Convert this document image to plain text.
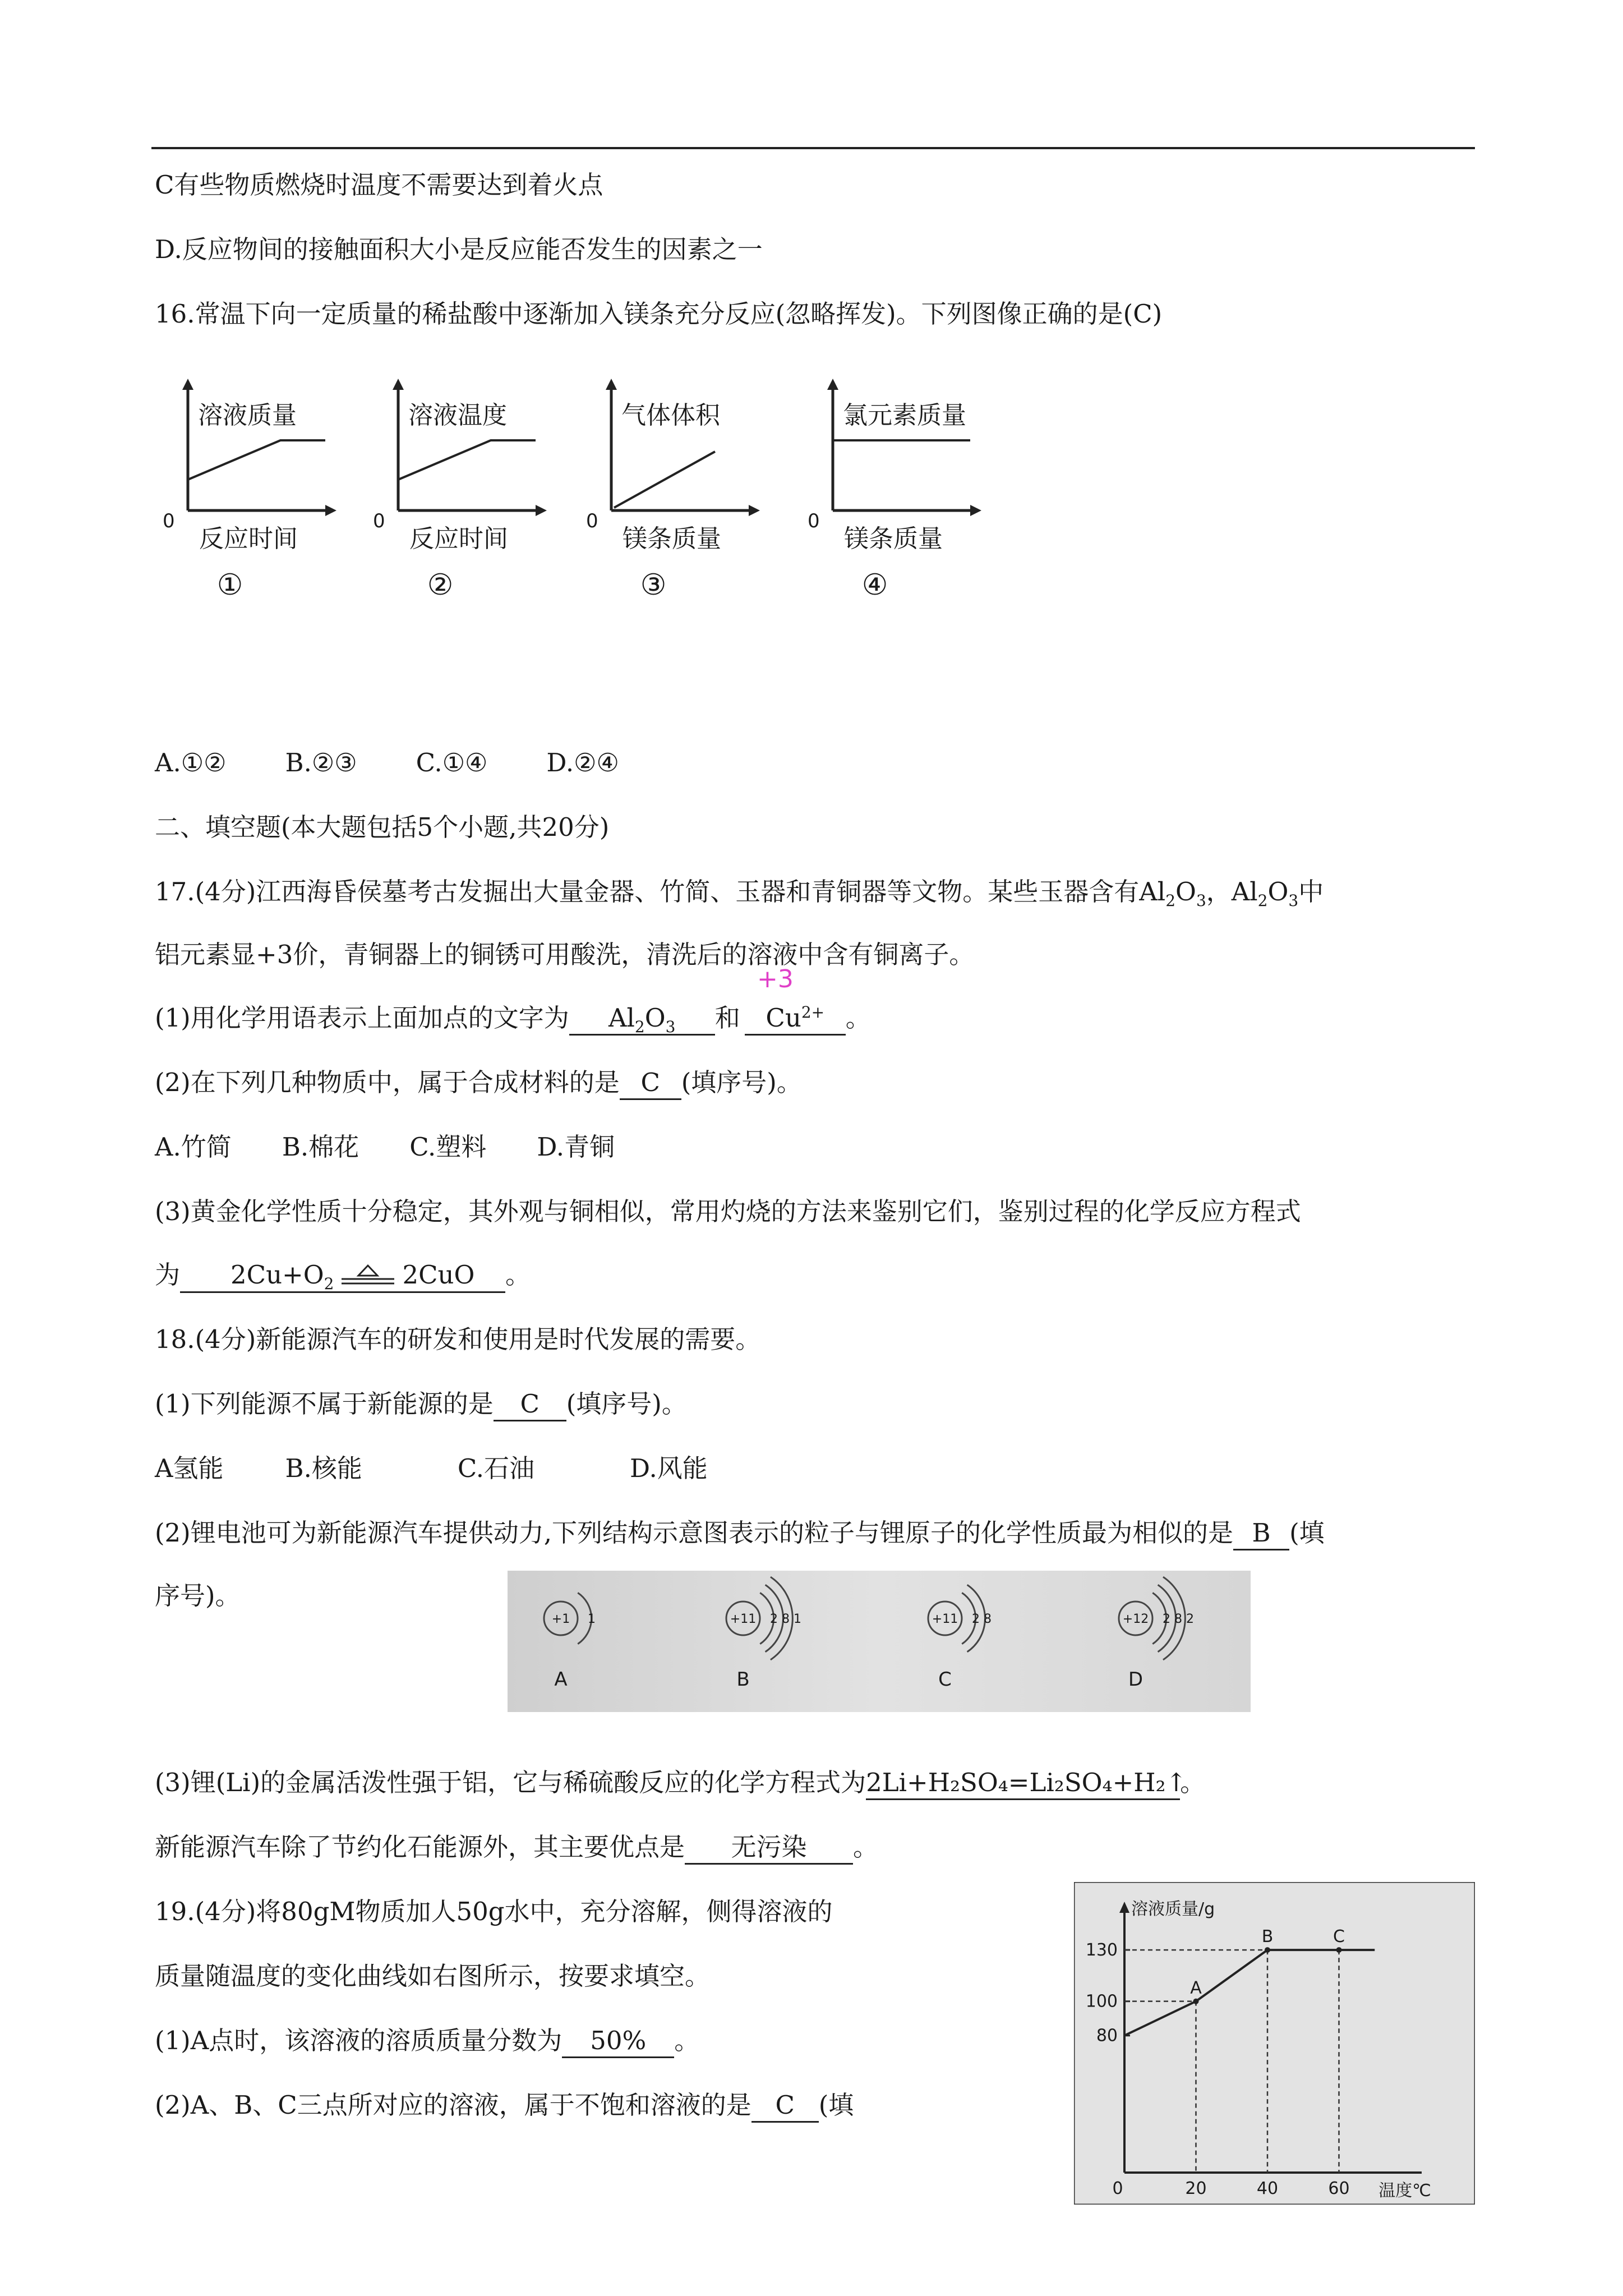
C有些物质燃烧时温度不需要达到着火点
D.反应物间的接触面积大小是反应能否发生的因素之一
16.常温下向一定质量的稀盐酸中逐渐加入镁条充分反应(忽略挥发)。下列图像正确的是(C)
溶液质量
0
反应时间
①
溶液温度
0
反应时间
②
气体体积
0
镁条质量
③
氯元素质量
0
镁条质量
④
A.①② B.②③ C.①④ D.②④
二、填空题(本大题包括5个小题,共20分)
17.(4分)江西海昏侯墓考古发掘出大量金器、竹简、玉器和青铜器等文物。某些玉器含有$Al_2O_3$，$Al_2O_3$中
铝元素显+3价，青铜器上的铜锈可用酸洗，清洗后的溶液中含有铜离子。
+3
(1)用化学用语表示上面加点的文字为 $Al_2O_3$ 和 $Cu^{2+}$ 。
(2)在下列几种物质中，属于合成材料的是 C (填序号)。
A.竹简 B.棉花 C.塑料 D.青铜
(3)黄金化学性质十分稳定，其外观与铜相似，常用灼烧的方法来鉴别它们，鉴别过程的化学反应方程式
为 $2Cu+O_2$	2CuO 。
18.(4分)新能源汽车的研发和使用是时代发展的需要。
(1)下列能源不属于新能源的是 C (填序号)。
A氢能 B.核能	C.石油	D.风能
(2)锂电池可为新能源汽车提供动力,下列结构示意图表示的粒子与锂原子的化学性质最为相似的是 B (填
序号)。
+1 1
A
+11 2 8 1
B
+11 2 8
C
+12 2 8 2
D
(3)锂(Li)的金属活泼性强于铝，它与稀硫酸反应的化学方程式为2Li+H₂SO₄=Li₂SO₄+H₂↑。
新能源汽车除了节约化石能源外，其主要优点是 无污染 。
19.(4分)将80gM物质加人50g水中，充分溶解，侧得溶液的
质量随温度的变化曲线如右图所示，按要求填空。
(1)A点时，该溶液的溶质质量分数为 50% 。
(2)A、B、C三点所对应的溶液，属于不饱和溶液的是 C (填
溶液质量/g
温度℃
80
100
130
0	20	40	60
A
B	C
